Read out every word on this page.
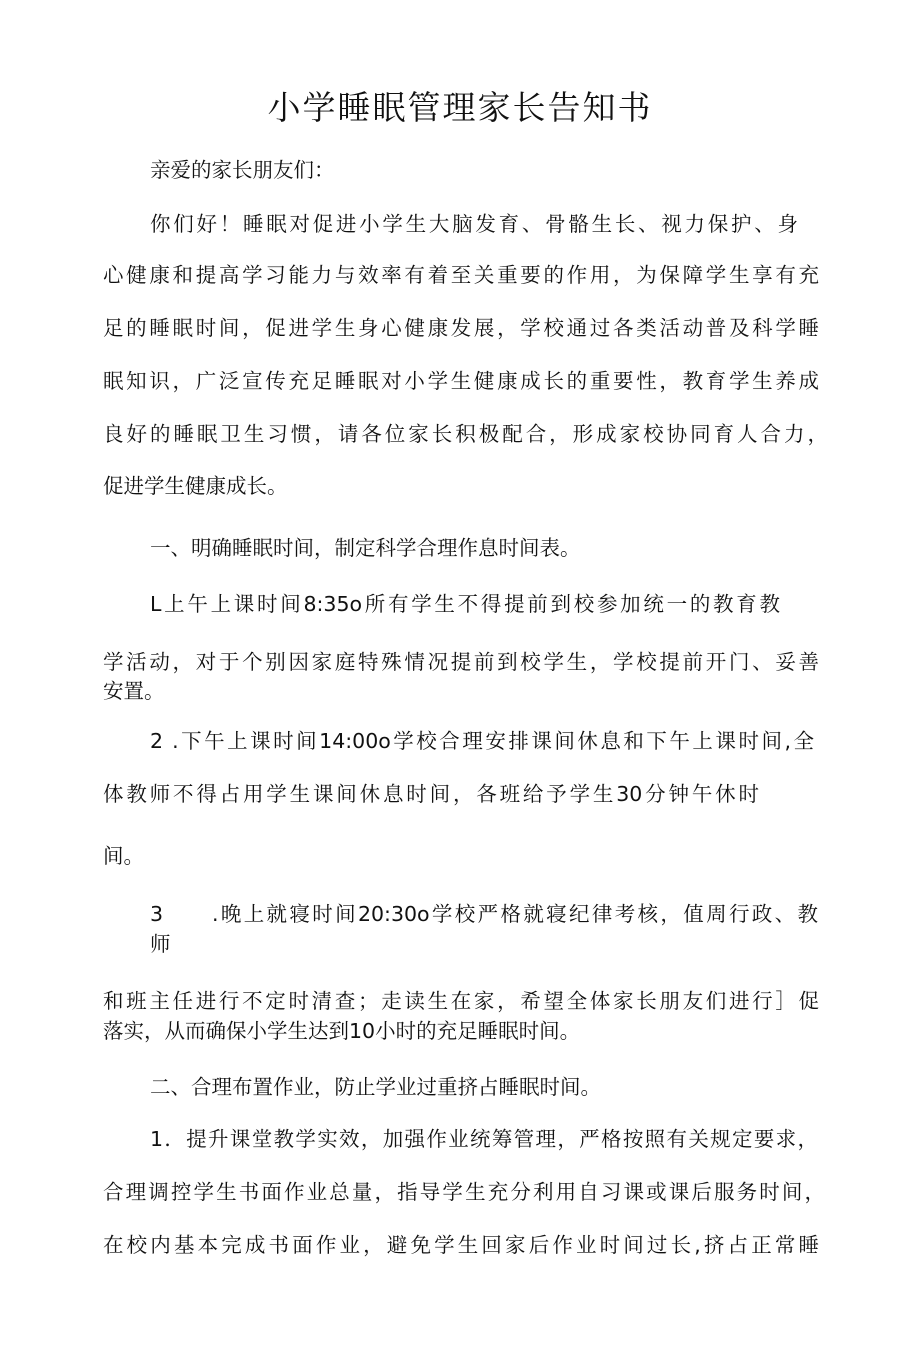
小学睡眠管理家长告知书
亲爱的家长朋友们：
你们好！睡眠对促进小学生大脑发育、骨骼生长、视力保护、身
心健康和提高学习能力与效率有着至关重要的作用，为保障学生享有充
足的睡眠时间，促进学生身心健康发展，学校通过各类活动普及科学睡
眠知识，广泛宣传充足睡眠对小学生健康成长的重要性，教育学生养成
良好的睡眠卫生习惯，请各位家长积极配合，形成家校协同育人合力，
促进学生健康成长。
一、明确睡眠时间，制定科学合理作息时间表。
L上午上课时间8:35o所有学生不得提前到校参加统一的教育教
学活动，对于个别因家庭特殊情况提前到校学生，学校提前开门、妥善
安置。
2 .下午上课时间14:00o学校合理安排课间休息和下午上课时间,全
体教师不得占用学生课间休息时间，各班给予学生30分钟午休时
间。
3 .晚上就寝时间20:30o学校严格就寝纪律考核，值周行政、教
师
和班主任进行不定时清查；走读生在家，希望全体家长朋友们进行］促
落实，从而确保小学生达到10小时的充足睡眠时间。
二、合理布置作业，防止学业过重挤占睡眠时间。
1．提升课堂教学实效，加强作业统筹管理，严格按照有关规定要求，
合理调控学生书面作业总量，指导学生充分利用自习课或课后服务时间，
在校内基本完成书面作业，避免学生回家后作业时间过长,挤占正常睡
